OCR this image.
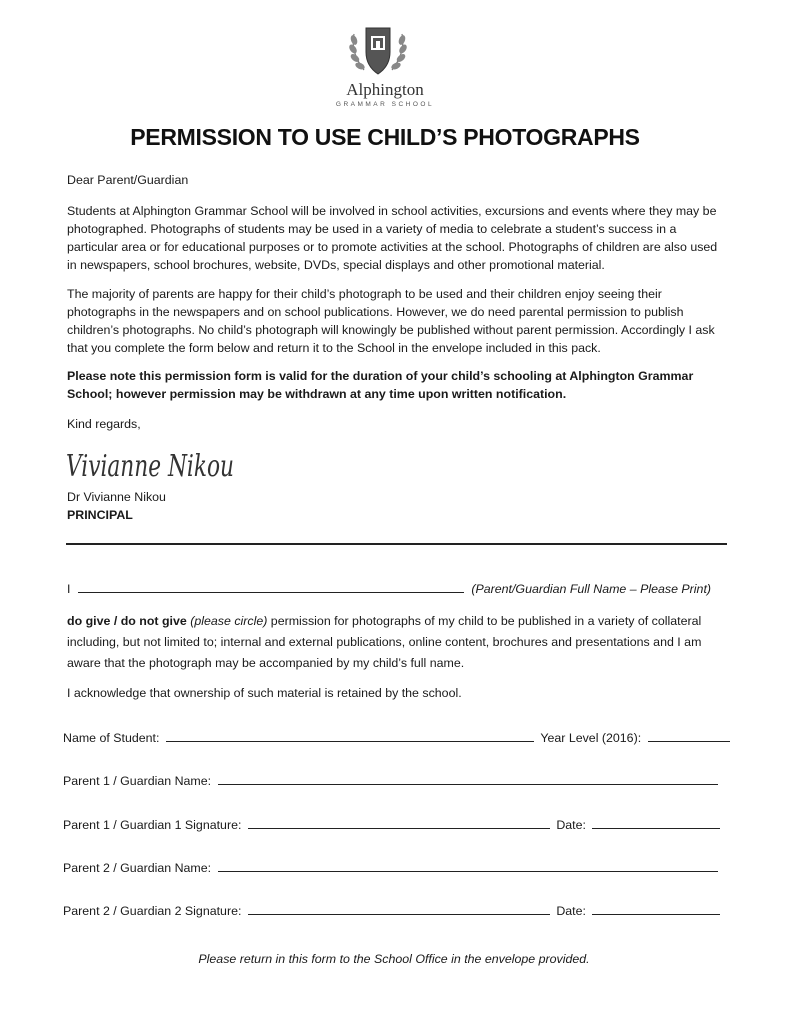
Alphington
GRAMMAR SCHOOL
PERMISSION TO USE CHILD’S PHOTOGRAPHS

Dear Parent/Guardian

Students at Alphington Grammar School will be involved in school activities, excursions and events where they may be photographed. Photographs of students may be used in a variety of media to celebrate a student’s success in a particular area or for educational purposes or to promote activities at the school. Photographs of children are also used in newspapers, school brochures, website, DVDs, special displays and other promotional material.

The majority of parents are happy for their child’s photograph to be used and their children enjoy seeing their photographs in the newspapers and on school publications. However, we do need parental permission to publish children’s photographs. No child’s photograph will knowingly be published without parent permission. Accordingly I ask that you complete the form below and return it to the School in the envelope included in this pack.

Please note this permission form is valid for the duration of your child’s schooling at Alphington Grammar School; however permission may be withdrawn at any time upon written notification.

Kind regards,

Vivianne Nikou

Dr Vivianne Nikou

PRINCIPAL

I	(Parent/Guardian Full Name – Please Print)

do give / do not give (please circle) permission for photographs of my child to be published in a variety of collateral including, but not limited to; internal and external publications, online content, brochures and presentations and I am aware that the photograph may be accompanied by my child’s full name.

I acknowledge that ownership of such material is retained by the school.

Name of Student:	Year Level (2016):
Parent 1 / Guardian Name:
Parent 1 / Guardian 1 Signature:	Date:
Parent 2 / Guardian Name:
Parent 2 / Guardian 2 Signature:	Date:
Please return in this form to the School Office in the envelope provided.
